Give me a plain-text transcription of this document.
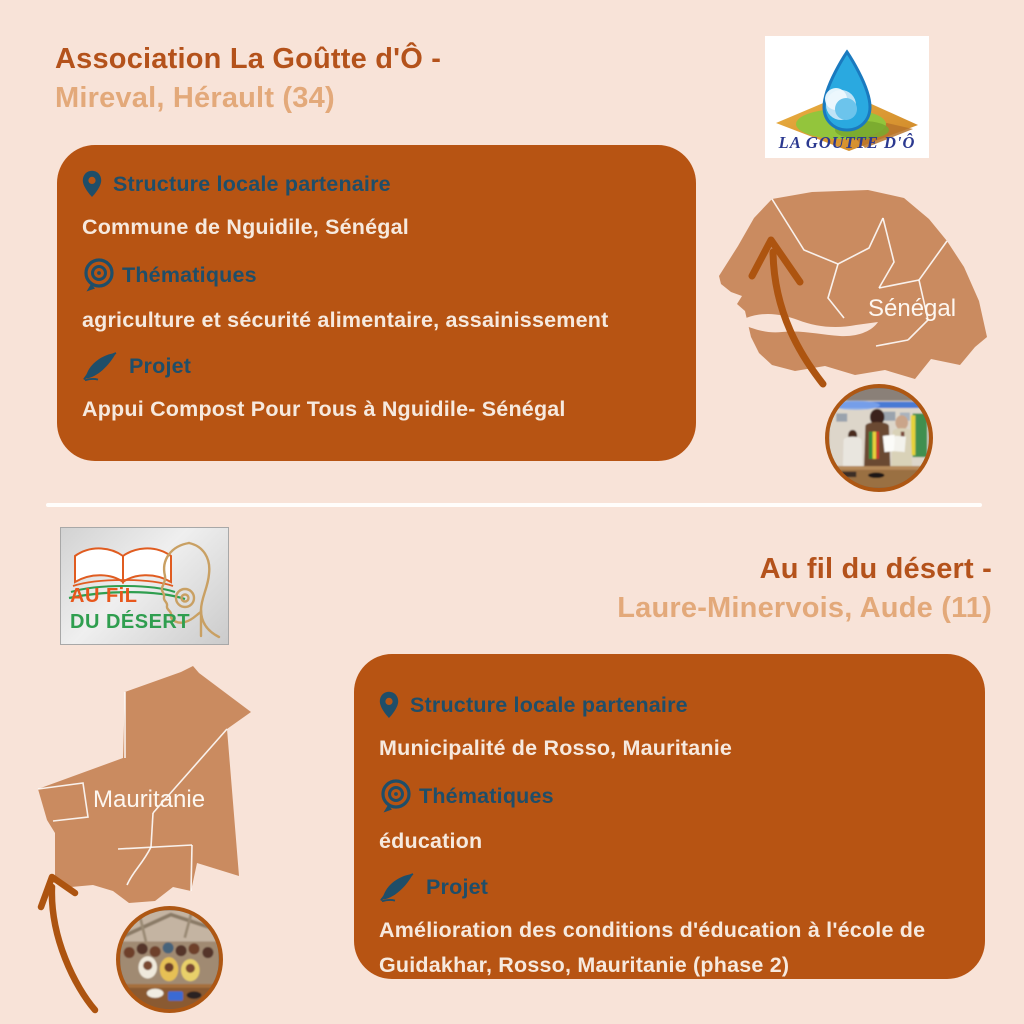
Association La Goûtte d'Ô -
Mireval, Hérault (34)
LA GOUTTE D'Ô
Structure locale partenaire
Commune de Nguidile, Sénégal
Thématiques
agriculture et sécurité alimentaire, assainissement
Projet
Appui Compost Pour Tous à Nguidile- Sénégal
Sénégal
AU FiL
DU DÉSERT
Au fil du désert -
Laure-Minervois, Aude (11)
Structure locale partenaire
Municipalité de Rosso, Mauritanie
Thématiques
éducation
Projet
Amélioration des conditions d'éducation à l'école de Guidakhar, Rosso, Mauritanie (phase 2)
Mauritanie
